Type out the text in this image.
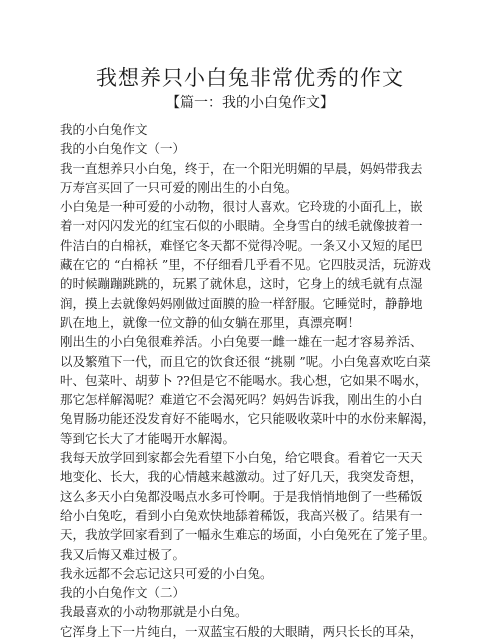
我想养只小白兔非常优秀的作文
【篇一：我的小白兔作文】
我的小白兔作文
我的小白兔作文（一）
我一直想养只小白兔，终于，在一个阳光明媚的早晨，妈妈带我去
万寿宫买回了一只可爱的刚出生的小白兔。
小白兔是一种可爱的小动物，很讨人喜欢。它玲珑的小面孔上，嵌
着一对闪闪发光的红宝石似的小眼睛。全身雪白的绒毛就像披着一
件洁白的白棉袄，难怪它冬天都不觉得冷呢。一条又小又短的尾巴
藏在它的 “白棉袄 ”里，不仔细看几乎看不见。它四肢灵活，玩游戏
的时候蹦蹦跳跳的，玩累了就休息，这时，它身上的绒毛就有点湿
润，摸上去就像妈妈刚做过面膜的脸一样舒服。它睡觉时，静静地
趴在地上，就像一位文静的仙女躺在那里，真漂亮啊！
刚出生的小白兔很难养活。小白兔要一雌一雄在一起才容易养活、
以及繁殖下一代，而且它的饮食还很 “挑剔 ”呢。小白兔喜欢吃白菜
叶、包菜叶、胡萝卜 ??但是它不能喝水。我心想，它如果不喝水，
那它怎样解渴呢？难道它不会渴死吗？妈妈告诉我，刚出生的小白
兔胃肠功能还没发育好不能喝水，它只能吸收菜叶中的水份来解渴，
等到它长大了才能喝开水解渴。
我每天放学回到家都会先看望下小白兔，给它喂食。看着它一天天
地变化、长大，我的心情越来越激动。过了好几天，我突发奇想，
这么多天小白兔都没喝点水多可怜啊。于是我悄悄地倒了一些稀饭
给小白兔吃，看到小白兔欢快地舔着稀饭，我高兴极了。结果有一
天，我放学回家看到了一幅永生难忘的场面，小白兔死在了笼子里。
我又后悔又难过极了。
我永远都不会忘记这只可爱的小白兔。
我的小白兔作文（二）
我最喜欢的小动物那就是小白兔。
它浑身上下一片纯白，一双蓝宝石般的大眼睛，两只长长的耳朵，
